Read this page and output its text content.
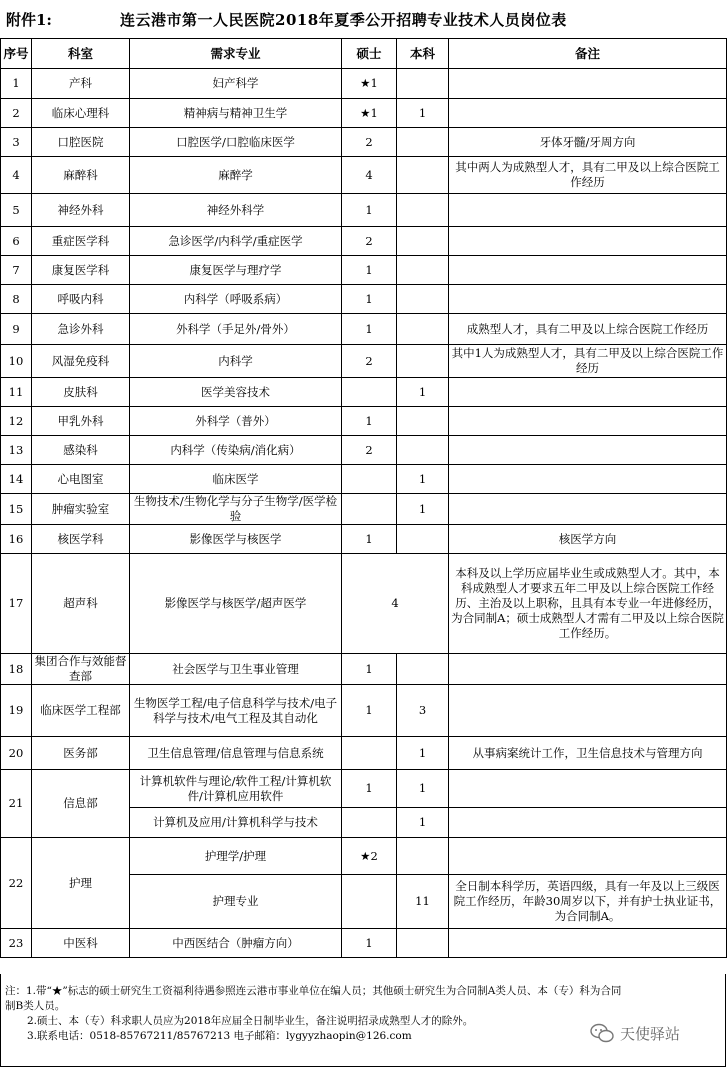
附件1:	连云港市第一人民医院2018年夏季公开招聘专业技术人员岗位表
序号	科室	需求专业	硕士	本科	备注
1	产科	妇产科学	★1		
2	临床心理科	精神病与精神卫生学	★1	1	
3	口腔医院	口腔医学/口腔临床医学	2		牙体牙髓/牙周方向
4	麻醉科	麻醉学	4		其中两人为成熟型人才，具有二甲及以上综合医院工作经历
5	神经外科	神经外科学	1		
6	重症医学科	急诊医学/内科学/重症医学	2		
7	康复医学科	康复医学与理疗学	1		
8	呼吸内科	内科学（呼吸系病）	1		
9	急诊外科	外科学（手足外/骨外）	1		成熟型人才，具有二甲及以上综合医院工作经历
10	风湿免疫科	内科学	2		其中1人为成熟型人才，具有二甲及以上综合医院工作经历
11	皮肤科	医学美容技术		1	
12	甲乳外科	外科学（普外）	1		
13	感染科	内科学（传染病/消化病）	2		
14	心电图室	临床医学		1	
15	肿瘤实验室	生物技术/生物化学与分子生物学/医学检验		1	
16	核医学科	影像医学与核医学	1		核医学方向
17	超声科	影像医学与核医学/超声医学	4		本科及以上学历应届毕业生或成熟型人才。其中，本科成熟型人才要求五年二甲及以上综合医院工作经历、主治及以上职称，且具有本专业一年进修经历，为合同制A；硕士成熟型人才需有二甲及以上综合医院工作经历。
18	集团合作与效能督查部	社会医学与卫生事业管理	1		
19	临床医学工程部	生物医学工程/电子信息科学与技术/电子科学与技术/电气工程及其自动化	1	3	
20	医务部	卫生信息管理/信息管理与信息系统		1	从事病案统计工作，卫生信息技术与管理方向
21	信息部	计算机软件与理论/软件工程/计算机软件/计算机应用软件	1	1	
		计算机及应用/计算机科学与技术		1	
22	护理	护理学/护理	★2		
		护理专业		11	全日制本科学历，英语四级，具有一年及以上三级医院工作经历，年龄30周岁以下，并有护士执业证书，为合同制A。
23	中医科	中西医结合（肿瘤方向）	1		
注：1.带“★”标志的硕士研究生工资福利待遇参照连云港市事业单位在编人员；其他硕士研究生为合同制A类人员、本（专）科为合同
制B类人员。
2.硕士、本（专）科求职人员应为2018年应届全日制毕业生，备注说明招录成熟型人才的除外。
3.联系电话：0518-85767211/85767213 电子邮箱：lygyyzhaopin@126.com	天使驿站
